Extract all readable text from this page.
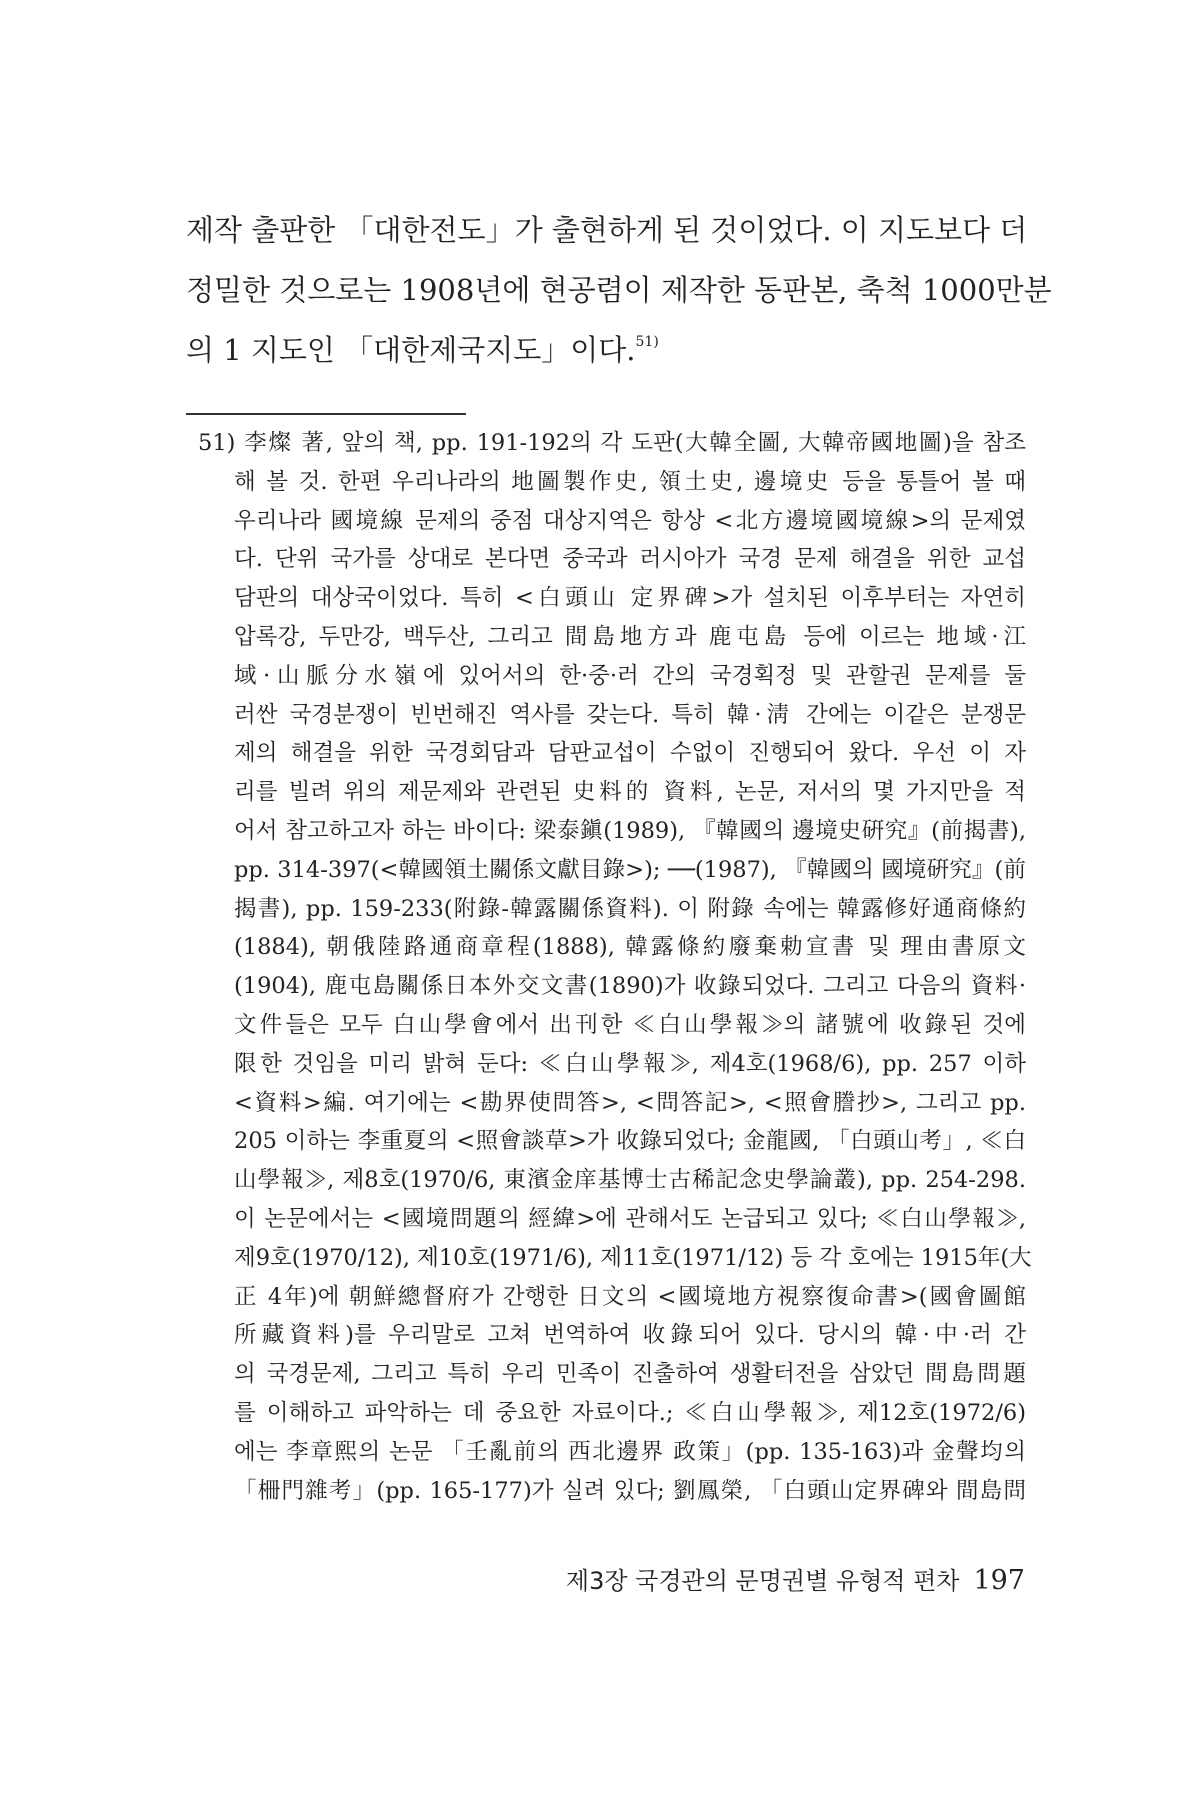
제작 출판한 「대한전도」가 출현하게 된 것이었다. 이 지도보다 더
정밀한 것으로는 1908년에 현공렴이 제작한 동판본, 축척 1000만분
의 1 지도인 「대한제국지도」이다.$^{51)}$
51) 李燦 著, 앞의 책, pp. 191-192의 각 도판(大韓全圖, 大韓帝國地圖)을 참조
해 볼 것. 한편 우리나라의 地圖製作史, 領土史, 邊境史 등을 통틀어 볼 때
우리나라 國境線 문제의 중점 대상지역은 항상 <北方邊境國境線>의 문제였
다. 단위 국가를 상대로 본다면 중국과 러시아가 국경 문제 해결을 위한 교섭
담판의 대상국이었다. 특히 <白頭山 定界碑>가 설치된 이후부터는 자연히
압록강, 두만강, 백두산, 그리고 間島地方과 鹿屯島 등에 이르는 地域·江
域·山脈分水嶺에 있어서의 한·중·러 간의 국경획정 및 관할권 문제를 둘
러싼 국경분쟁이 빈번해진 역사를 갖는다. 특히 韓·淸 간에는 이같은 분쟁문
제의 해결을 위한 국경회담과 담판교섭이 수없이 진행되어 왔다. 우선 이 자
리를 빌려 위의 제문제와 관련된 史料的 資料, 논문, 저서의 몇 가지만을 적
어서 참고하고자 하는 바이다: 梁泰鎭(1989), 『韓國의 邊境史硏究』(前揭書),
pp. 314-397(<韓國領土關係文獻目錄>); ──(1987), 『韓國의 國境硏究』(前
揭書), pp. 159-233(附錄-韓露關係資料). 이 附錄 속에는 韓露修好通商條約
(1884), 朝俄陸路通商章程(1888), 韓露條約廢棄勅宣書 및 理由書原文
(1904), 鹿屯島關係日本外交文書(1890)가 收錄되었다. 그리고 다음의 資料·
文件들은 모두 白山學會에서 出刊한 ≪白山學報≫의 諸號에 收錄된 것에
限한 것임을 미리 밝혀 둔다: ≪白山學報≫, 제4호(1968/6), pp. 257 이하
<資料>編. 여기에는 <勘界使問答>, <問答記>, <照會謄抄>, 그리고 pp.
205 이하는 李重夏의 <照會談草>가 收錄되었다; 金龍國, 「白頭山考」, ≪白
山學報≫, 제8호(1970/6, 東濱金庠基博士古稀記念史學論叢), pp. 254-298.
이 논문에서는 <國境問題의 經緯>에 관해서도 논급되고 있다; ≪白山學報≫,
제9호(1970/12), 제10호(1971/6), 제11호(1971/12) 등 각 호에는 1915年(大
正 4年)에 朝鮮總督府가 간행한 日文의 <國境地方視察復命書>(國會圖館
所藏資料)를 우리말로 고쳐 번역하여 收錄되어 있다. 당시의 韓·中·러 간
의 국경문제, 그리고 특히 우리 민족이 진출하여 생활터전을 삼았던 間島問題
를 이해하고 파악하는 데 중요한 자료이다.; ≪白山學報≫, 제12호(1972/6)
에는 李章熙의 논문 「壬亂前의 西北邊界 政策」(pp. 135-163)과 金聲均의
「柵門雜考」(pp. 165-177)가 실려 있다; 劉鳳榮, 「白頭山定界碑와 間島問
제3장 국경관의 문명권별 유형적 편차 197
